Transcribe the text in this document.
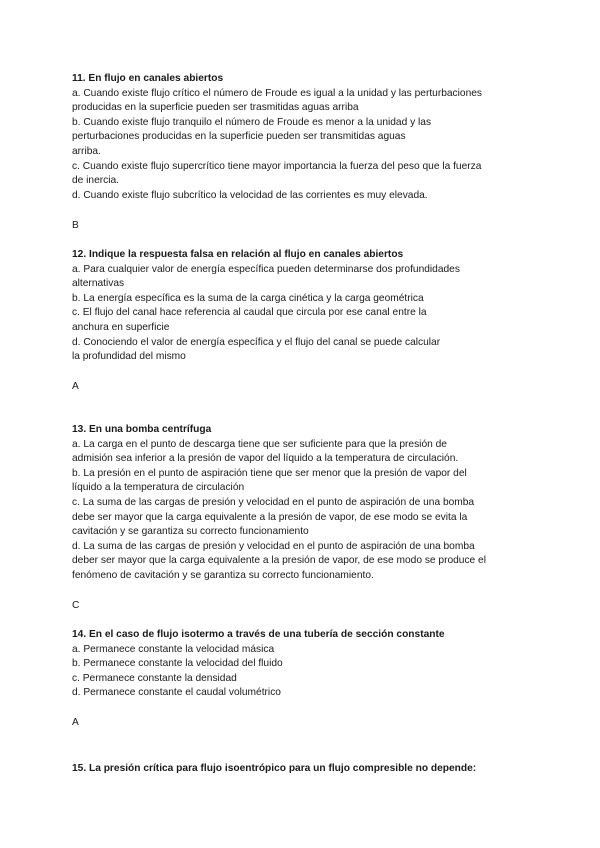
11. En flujo en canales abiertos

a. Cuando existe flujo crítico el número de Froude es igual a la unidad y las perturbaciones

producidas en la superficie pueden ser trasmitidas aguas arriba

b. Cuando existe flujo tranquilo el número de Froude es menor a la unidad y las

perturbaciones producidas en la superficie pueden ser transmitidas aguas

arriba.

c. Cuando existe flujo supercrítico tiene mayor importancia la fuerza del peso que la fuerza

de inercia.

d. Cuando existe flujo subcrítico la velocidad de las corrientes es muy elevada.

B

12. Indique la respuesta falsa en relación al flujo en canales abiertos

a. Para cualquier valor de energía específica pueden determinarse dos profundidades

alternativas

b. La energía específica es la suma de la carga cinética y la carga geométrica

c. El flujo del canal hace referencia al caudal que circula por ese canal entre la

anchura en superficie

d. Conociendo el valor de energía específica y el flujo del canal se puede calcular

la profundidad del mismo

A

13. En una bomba centrífuga

a. La carga en el punto de descarga tiene que ser suficiente para que la presión de

admisión sea inferior a la presión de vapor del líquido a la temperatura de circulación.

b. La presión en el punto de aspiración tiene que ser menor que la presión de vapor del

líquido a la temperatura de circulación

c. La suma de las cargas de presión y velocidad en el punto de aspiración de una bomba

debe ser mayor que la carga equivalente a la presión de vapor, de ese modo se evita la

cavitación y se garantiza su correcto funcionamiento

d. La suma de las cargas de presión y velocidad en el punto de aspiración de una bomba

deber ser mayor que la carga equivalente a la presión de vapor, de ese modo se produce el

fenómeno de cavitación y se garantiza su correcto funcionamiento.

C

14. En el caso de flujo isotermo a través de una tubería de sección constante

a. Permanece constante la velocidad másica

b. Permanece constante la velocidad del fluido

c. Permanece constante la densidad

d. Permanece constante el caudal volumétrico

A

15. La presión crítica para flujo isoentrópico para un flujo compresible no depende:
